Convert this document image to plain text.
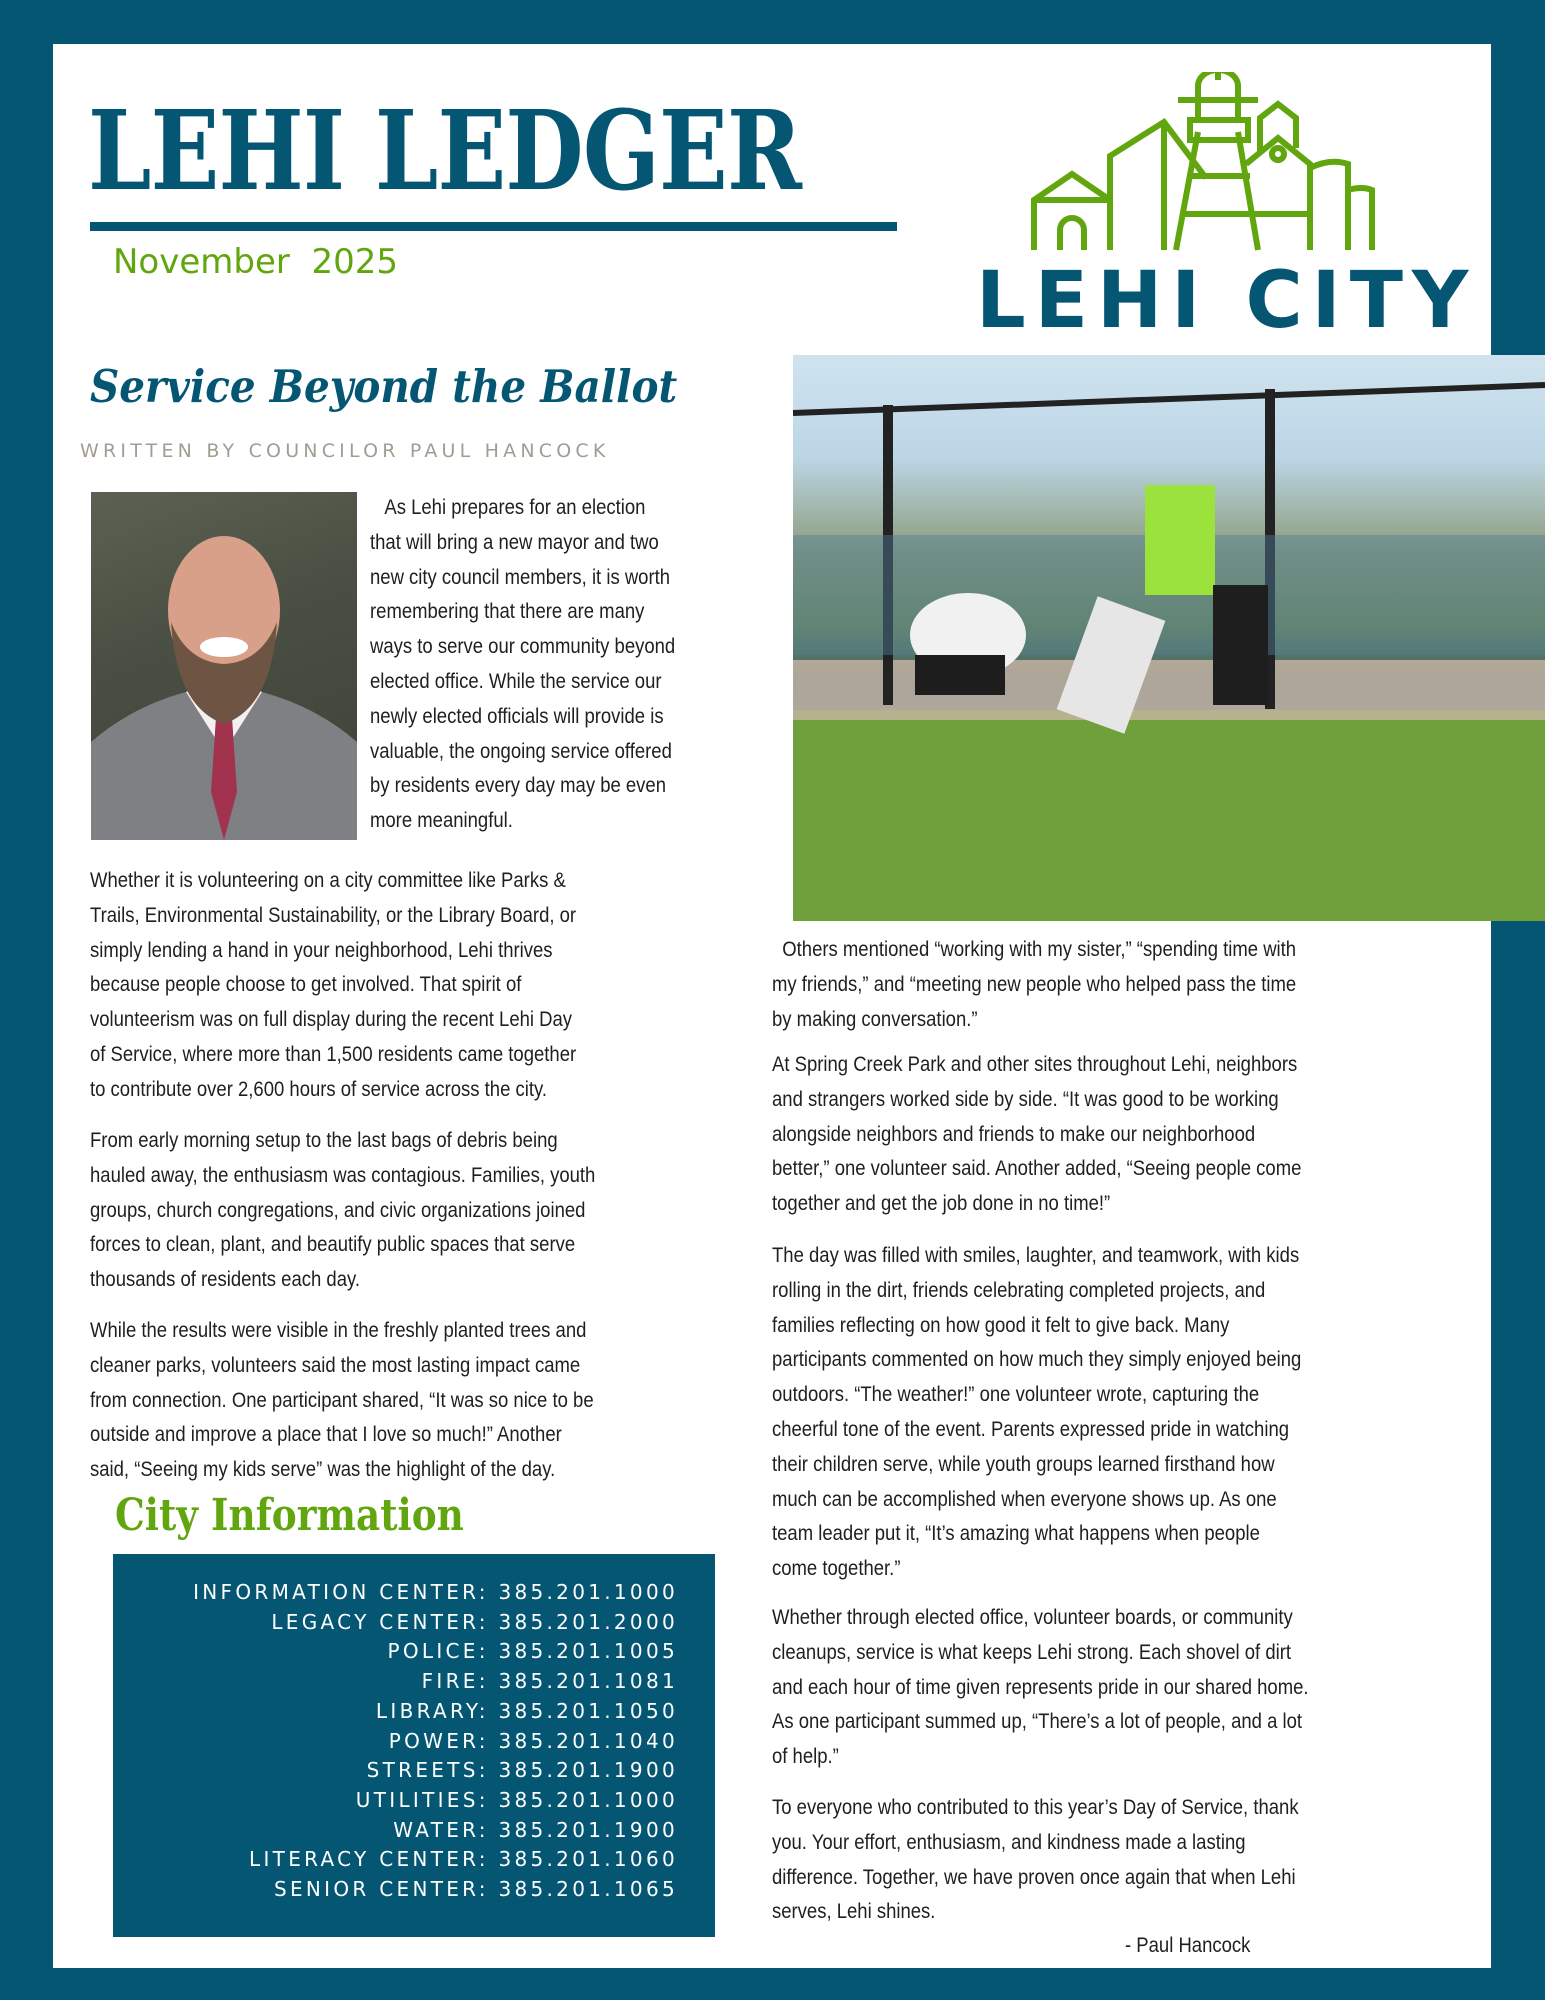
LEHI LEDGER
November  2025	LEHI CITY
Service Beyond the Ballot
WRITTEN BY COUNCILOR PAUL HANCOCK
As Lehi prepares for an election
that will bring a new mayor and two
new city council members, it is worth
remembering that there are many
ways to serve our community beyond
elected office. While the service our
newly elected officials will provide is
valuable, the ongoing service offered
by residents every day may be even
more meaningful.
Whether it is volunteering on a city committee like Parks &
Trails, Environmental Sustainability, or the Library Board, or
simply lending a hand in your neighborhood, Lehi thrives
because people choose to get involved. That spirit of
volunteerism was on full display during the recent Lehi Day
of Service, where more than 1,500 residents came together
to contribute over 2,600 hours of service across the city.
From early morning setup to the last bags of debris being
hauled away, the enthusiasm was contagious. Families, youth
groups, church congregations, and civic organizations joined
forces to clean, plant, and beautify public spaces that serve
thousands of residents each day.
While the results were visible in the freshly planted trees and
cleaner parks, volunteers said the most lasting impact came
from connection. One participant shared, “It was so nice to be
outside and improve a place that I love so much!” Another
said, “Seeing my kids serve” was the highlight of the day.
Others mentioned “working with my sister,” “spending time with
my friends,” and “meeting new people who helped pass the time
by making conversation.”
At Spring Creek Park and other sites throughout Lehi, neighbors
and strangers worked side by side. “It was good to be working
alongside neighbors and friends to make our neighborhood
better,” one volunteer said. Another added, “Seeing people come
together and get the job done in no time!”
The day was filled with smiles, laughter, and teamwork, with kids
rolling in the dirt, friends celebrating completed projects, and
families reflecting on how good it felt to give back. Many
participants commented on how much they simply enjoyed being
outdoors. “The weather!” one volunteer wrote, capturing the
cheerful tone of the event. Parents expressed pride in watching
their children serve, while youth groups learned firsthand how
much can be accomplished when everyone shows up. As one
team leader put it, “It’s amazing what happens when people
come together.”
Whether through elected office, volunteer boards, or community
cleanups, service is what keeps Lehi strong. Each shovel of dirt
and each hour of time given represents pride in our shared home.
As one participant summed up, “There’s a lot of people, and a lot
of help.”
To everyone who contributed to this year’s Day of Service, thank
you. Your effort, enthusiasm, and kindness made a lasting
difference. Together, we have proven once again that when Lehi
serves, Lehi shines.
- Paul Hancock
City Information
INFORMATION CENTER: 385.201.1000
LEGACY CENTER: 385.201.2000
POLICE: 385.201.1005
FIRE: 385.201.1081
LIBRARY: 385.201.1050
POWER: 385.201.1040
STREETS: 385.201.1900
UTILITIES: 385.201.1000
WATER: 385.201.1900
LITERACY CENTER: 385.201.1060
SENIOR CENTER: 385.201.1065
